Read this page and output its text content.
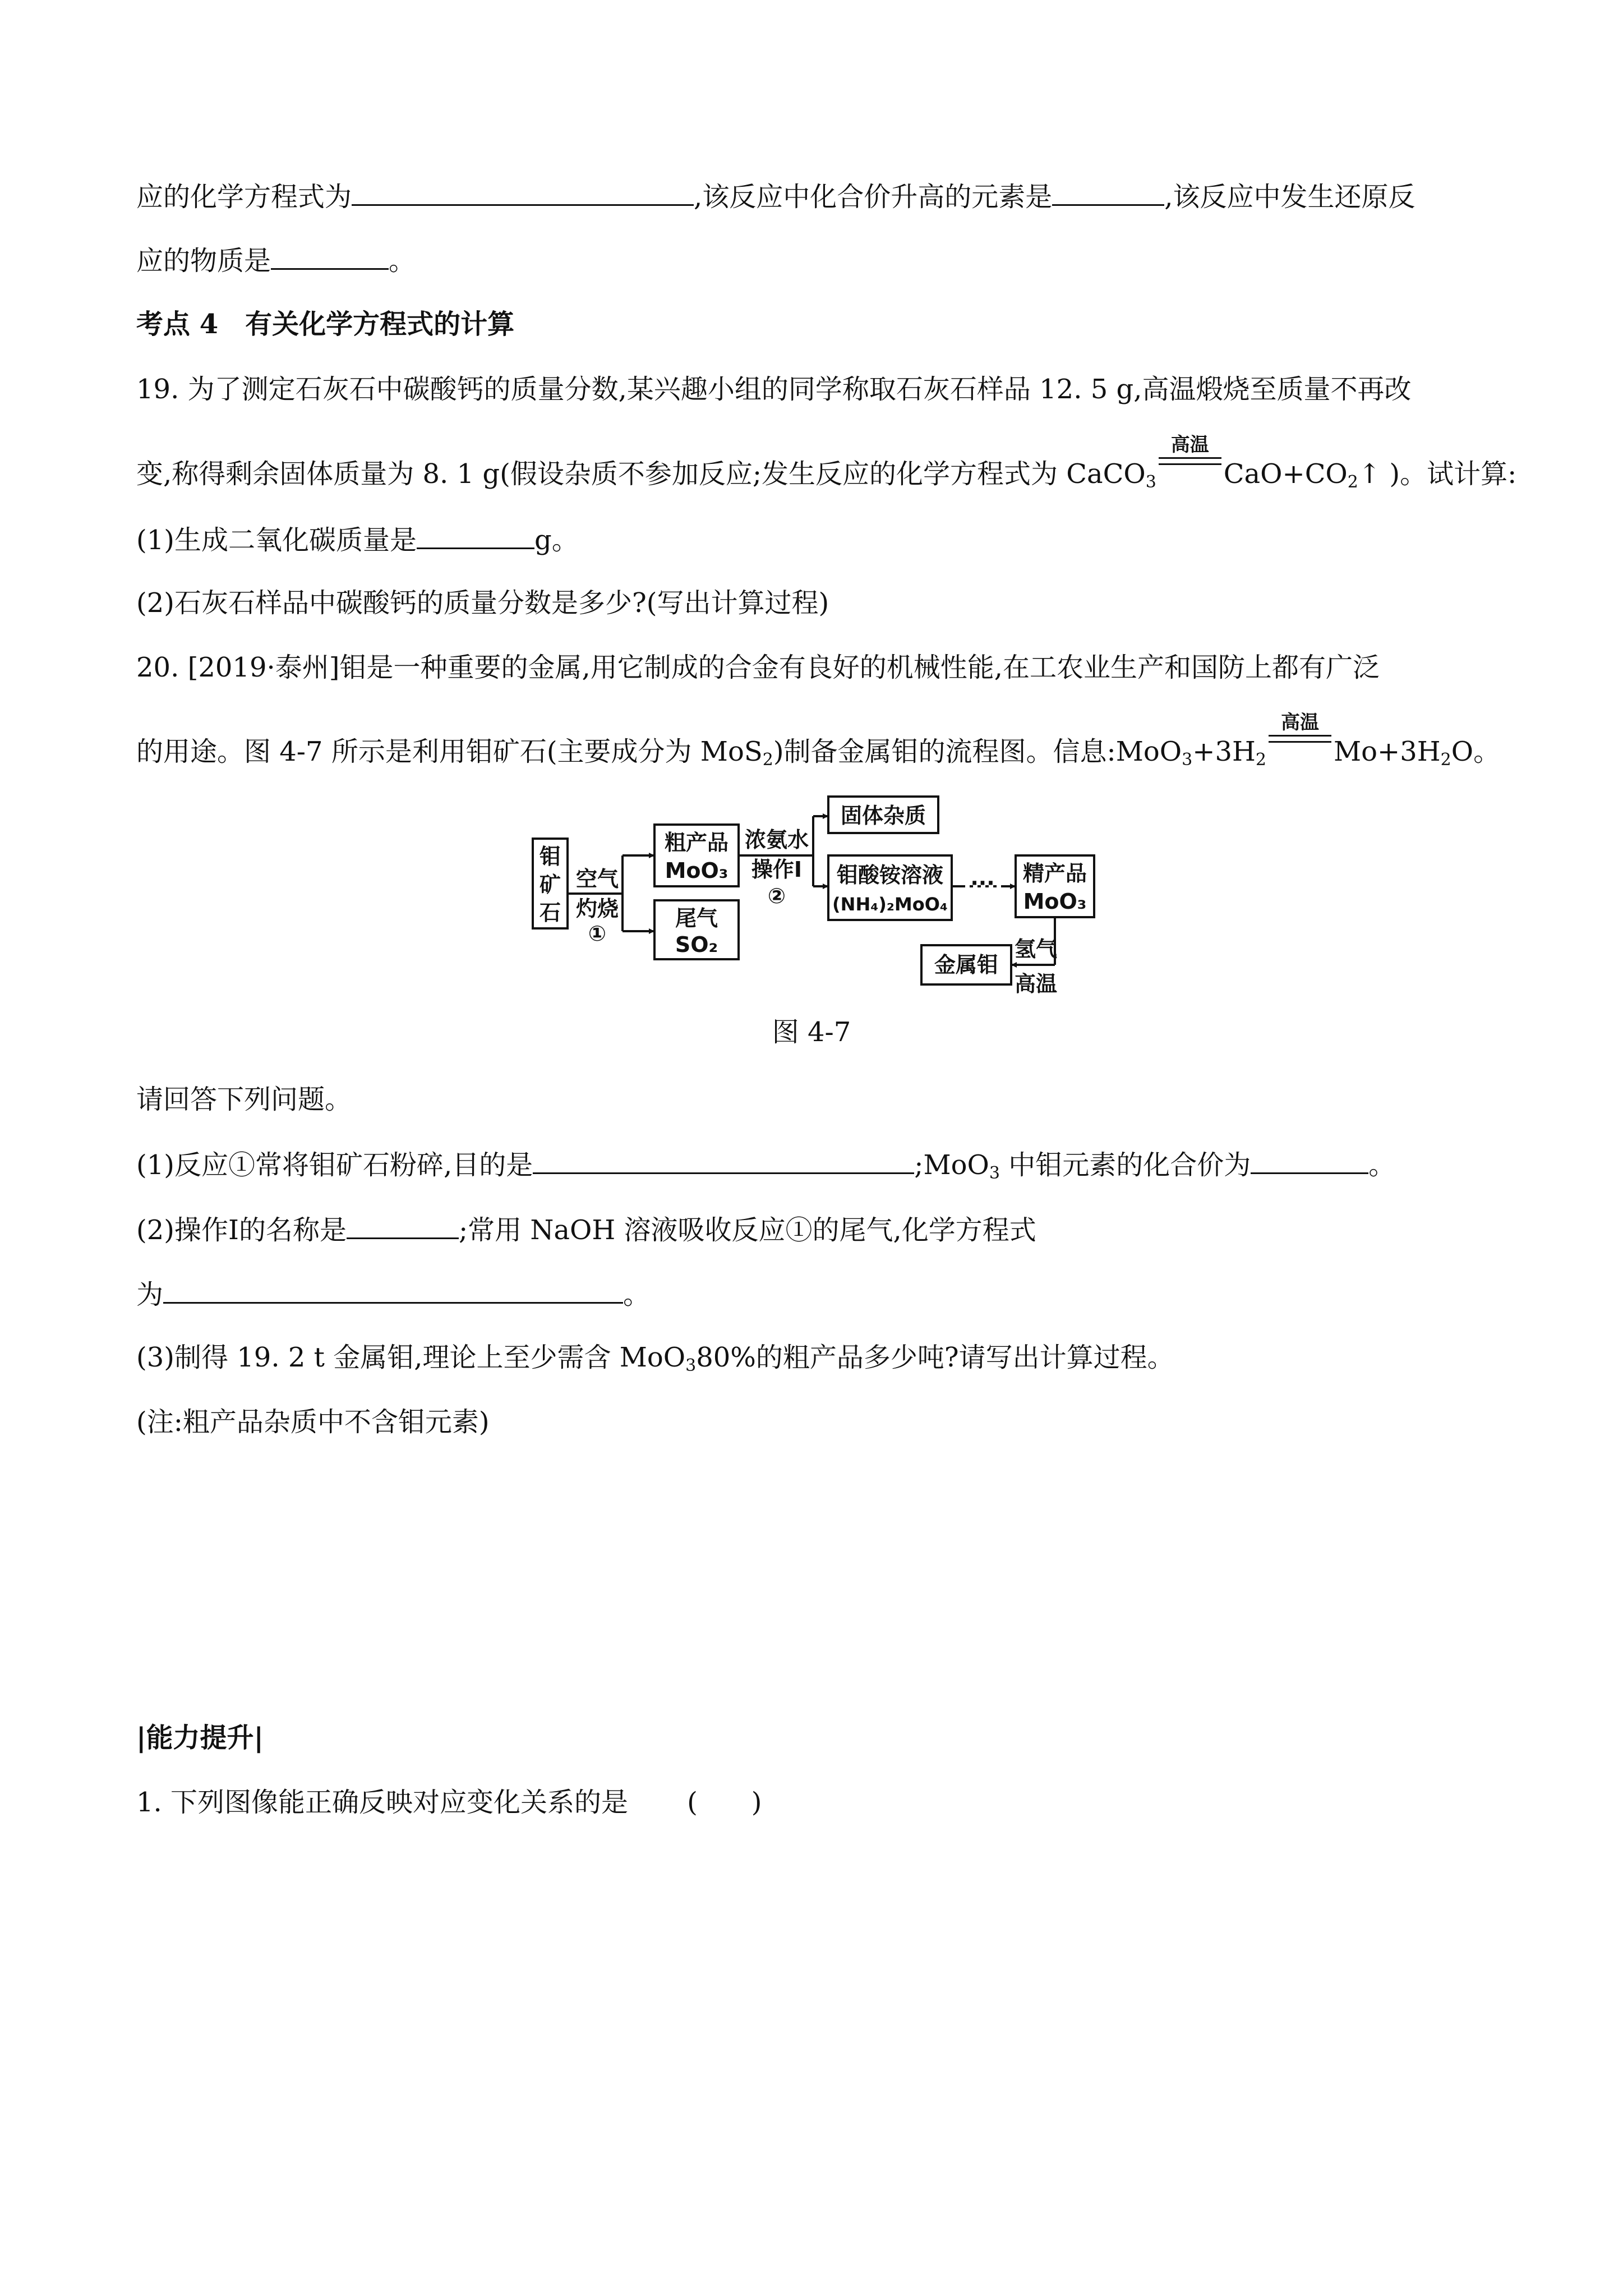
应的化学方程式为	,该反应中化合价升高的元素是	,该反应中发生还原反
应的物质是	。
考点 4　有关化学方程式的计算
19. 为了测定石灰石中碳酸钙的质量分数,某兴趣小组的同学称取石灰石样品 12. 5 g,高温煅烧至质量不再改
变,称得剩余固体质量为 8. 1 g(假设杂质不参加反应;发生反应的化学方程式为 CaCO$_3$
高温
$CaO+CO_2↑$ )。试计算:
(1)生成二氧化碳质量是	g。
(2)石灰石样品中碳酸钙的质量分数是多少?(写出计算过程)
20. [2019·泰州]钼是一种重要的金属,用它制成的合金有良好的机械性能,在工农业生产和国防上都有广泛
的用途。图 4-7 所示是利用钼矿石(主要成分为 MoS$_2$)制备金属钼的流程图。信息$:MoO_3+3H_2$
高温
$Mo+3H_2O$。
钼
矿
石
空气
灼烧
①
粗产品
MoO₃
尾气
SO₂
浓氨水
操作Ⅰ
②
固体杂质
钼酸铵溶液
(NH₄)₂MoO₄
··· 精产品
MoO₃
金属钼
氢气
高温
图 4-7
请回答下列问题。
(1)反应①常将钼矿石粉碎,目的是	;MoO$_3$ 中钼元素的化合价为	。
(2)操作Ⅰ的名称是	;常用 NaOH 溶液吸收反应①的尾气,化学方程式
为	。
(3)制得 19. 2 t 金属钼,理论上至少需含 MoO$_3$80%的粗产品多少吨?请写出计算过程。
(注:粗产品杂质中不含钼元素)
|能力提升|
1. 下列图像能正确反映对应变化关系的是 (　　)
